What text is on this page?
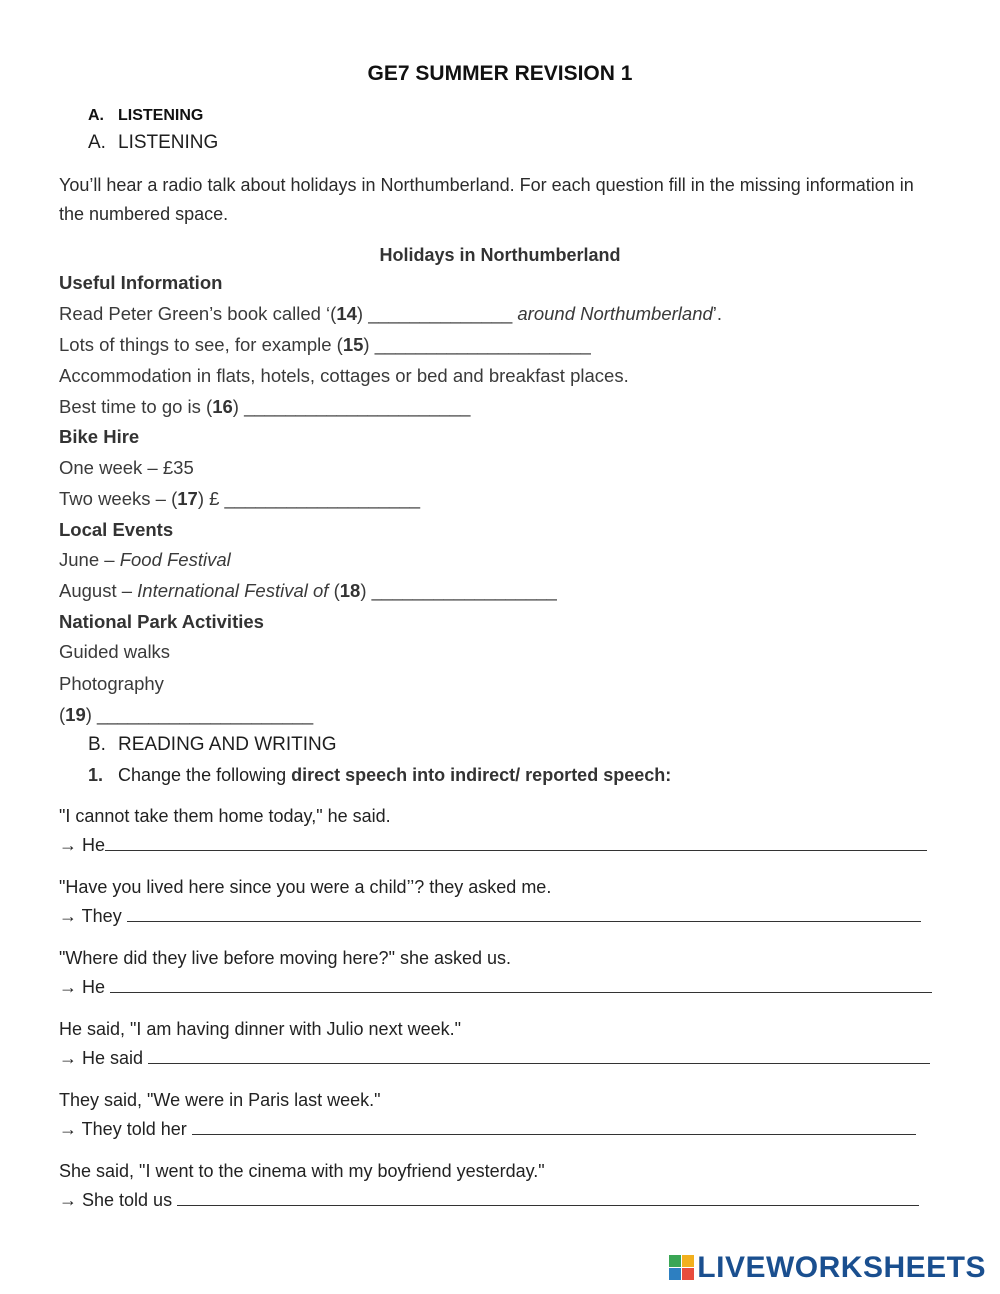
GE7 SUMMER REVISION 1
A. LISTENING
A. LISTENING
You’ll hear a radio talk about holidays in Northumberland. For each question fill in the missing information in the numbered space.
Holidays in Northumberland
Useful Information
Read Peter Green’s book called ‘(14) ______________ around Northumberland’.
Lots of things to see, for example (15) _____________________
Accommodation in flats, hotels, cottages or bed and breakfast places.
Best time to go is (16) ______________________
Bike Hire
One week – £35
Two weeks – (17) £ ___________________
Local Events
June – Food Festival
August – International Festival of (18) __________________
National Park Activities
Guided walks
Photography
(19) _____________________
B. READING AND WRITING
1. Change the following direct speech into indirect/ reported speech:
"I cannot take them home today," he said.
→ He
"Have you lived here since you were a child’’? they asked me.
→ They
"Where did they live before moving here?" she asked us.
→ He
He said, "I am having dinner with Julio next week."
→ He said
They said, "We were in Paris last week."
→ They told her
She said, "I went to the cinema with my boyfriend yesterday."
→ She told us
LIVEWORKSHEETS
